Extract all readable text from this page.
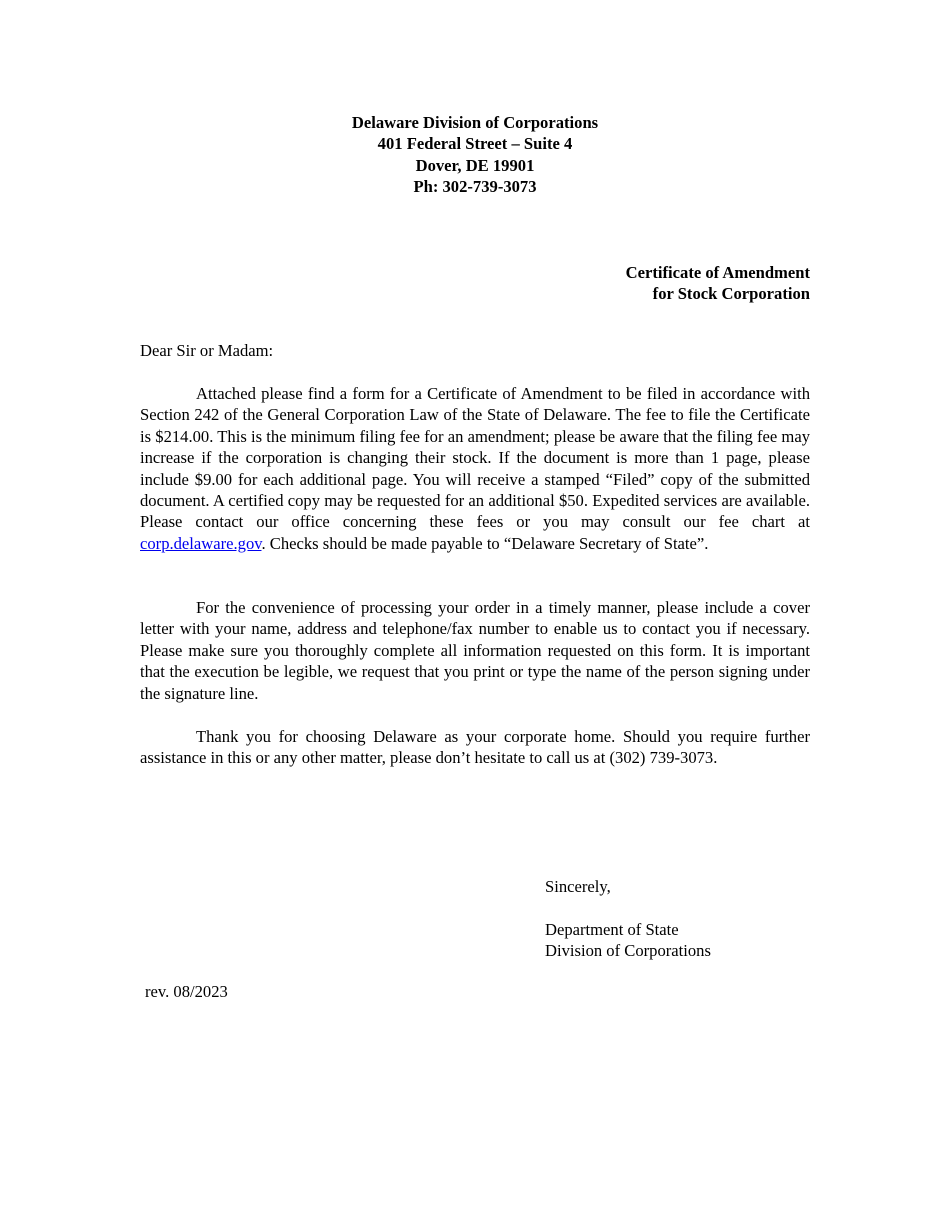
Delaware Division of Corporations
401 Federal Street – Suite 4
Dover, DE 19901
Ph: 302-739-3073
Certificate of Amendment
for Stock Corporation
Dear Sir or Madam:

Attached please find a form for a Certificate of Amendment to be filed in accordance with Section 242 of the General Corporation Law of the State of Delaware. The fee to file the Certificate is $214.00. This is the minimum filing fee for an amendment; please be aware that the filing fee may increase if the corporation is changing their stock. If the document is more than 1 page, please include $9.00 for each additional page. You will receive a stamped “Filed” copy of the submitted document. A certified copy may be requested for an additional $50. Expedited services are available. Please contact our office concerning these fees or you may consult our fee chart at corp.delaware.gov. Checks should be made payable to “Delaware Secretary of State”.

For the convenience of processing your order in a timely manner, please include a cover letter with your name, address and telephone/fax number to enable us to contact you if necessary. Please make sure you thoroughly complete all information requested on this form. It is important that the execution be legible, we request that you print or type the name of the person signing under the signature line.

Thank you for choosing Delaware as your corporate home. Should you require further assistance in this or any other matter, please don’t hesitate to call us at (302) 739-3073.

Sincerely,
Department of State
Division of Corporations
rev. 08/2023
